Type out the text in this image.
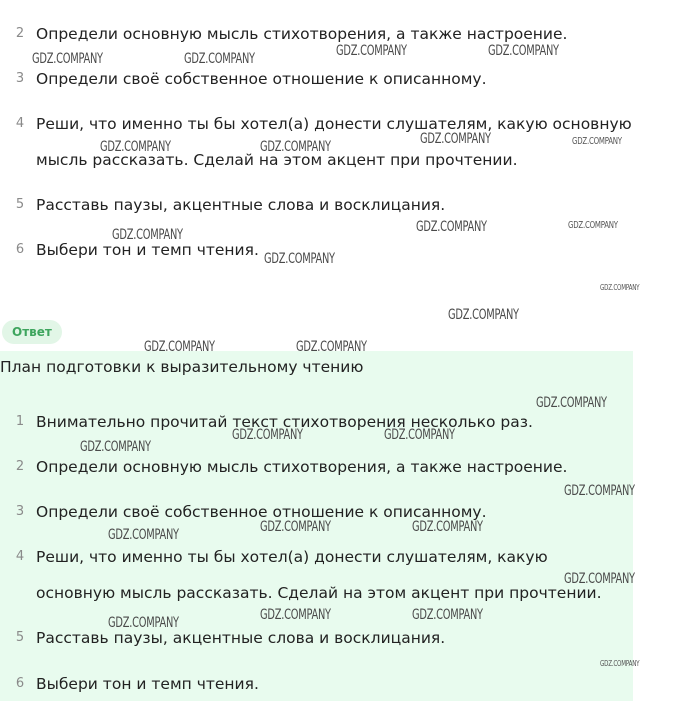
2 Определи основную мысль стихотворения, а также настроение.
3 Определи своё собственное отношение к описанному.
4 Реши, что именно ты бы хотел(а) донести слушателям, какую основную
мысль рассказать. Сделай на этом акцент при прочтении.
5 Расставь паузы, акцентные слова и восклицания.
6 Выбери тон и темп чтения.
Ответ
План подготовки к выразительному чтению
1 Внимательно прочитай текст стихотворения несколько раз.
2 Определи основную мысль стихотворения, а также настроение.
3 Определи своё собственное отношение к описанному.
4 Реши, что именно ты бы хотел(а) донести слушателям, какую
основную мысль рассказать. Сделай на этом акцент при прочтении.
5 Расставь паузы, акцентные слова и восклицания.
6 Выбери тон и темп чтения.
GDZ.COMPANY	GDZ.COMPANY	GDZ.COMPANY	GDZ.COMPANY
GDZ.COMPANY	GDZ.COMPANY	GDZ.COMPANY	GDZ.COMPANY
GDZ.COMPANY	GDZ.COMPANY
GDZ.COMPANY
GDZ.COMPANY
GDZ.COMPANY
GDZ.COMPANY
GDZ.COMPANY	GDZ.COMPANY
GDZ.COMPANY
GDZ.COMPANY	GDZ.COMPANY
GDZ.COMPANY
GDZ.COMPANY
GDZ.COMPANY	GDZ.COMPANY
GDZ.COMPANY
GDZ.COMPANY
GDZ.COMPANY	GDZ.COMPANY
GDZ.COMPANY
GDZ.COMPANY
